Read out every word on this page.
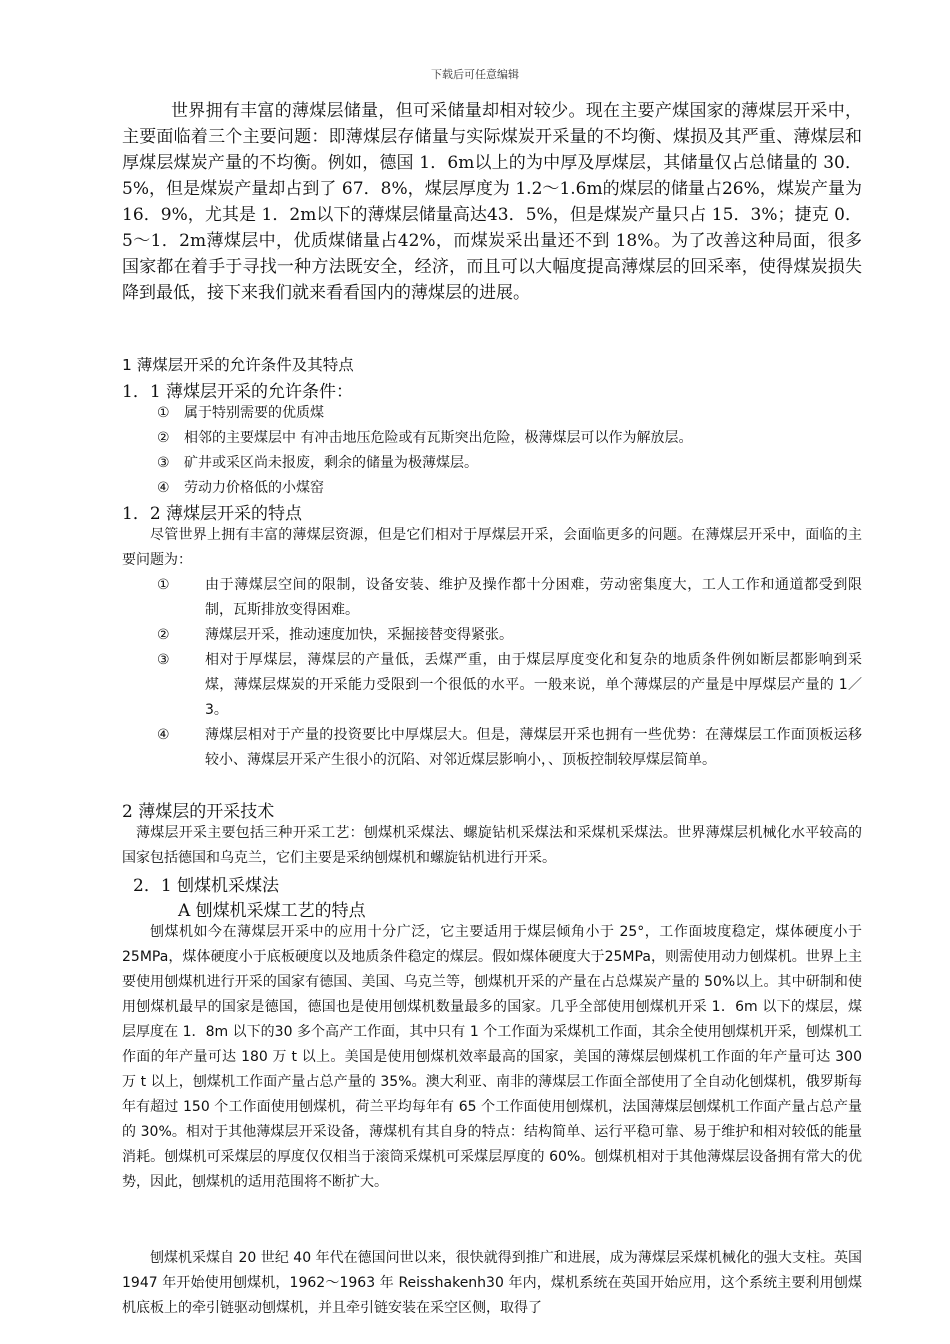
下载后可任意编辑
世界拥有丰富的薄煤层储量，但可采储量却相对较少。现在主要产煤国家的薄煤层开采中，主要面临着三个主要问题：即薄煤层存储量与实际煤炭开采量的不均衡、煤损及其严重、薄煤层和厚煤层煤炭产量的不均衡。例如，德国 1．6m以上的为中厚及厚煤层，其储量仅占总储量的 30．5%，但是煤炭产量却占到了 67．8%，煤层厚度为 1.2～1.6m的煤层的储量占26%，煤炭产量为 16．9%，尤其是 1．2m以下的薄煤层储量高达43．5%，但是煤炭产量只占 15．3%；捷克 0．5～1．2m薄煤层中，优质煤储量占42%，而煤炭采出量还不到 18%。为了改善这种局面，很多国家都在着手于寻找一种方法既安全，经济，而且可以大幅度提高薄煤层的回采率，使得煤炭损失降到最低，接下来我们就来看看国内的薄煤层的进展。
1 薄煤层开采的允许条件及其特点
1．1 薄煤层开采的允许条件：
① 属于特别需要的优质煤
② 相邻的主要煤层中 有冲击地压危险或有瓦斯突出危险，极薄煤层可以作为解放层。
③ 矿井或采区尚未报废，剩余的储量为极薄煤层。
④ 劳动力价格低的小煤窑
1．2 薄煤层开采的特点
尽管世界上拥有丰富的薄煤层资源，但是它们相对于厚煤层开采，会面临更多的问题。在薄煤层开采中，面临的主要问题为：
①	由于薄煤层空间的限制，设备安装、维护及操作都十分困难，劳动密集度大，工人工作和通道都受到限制，瓦斯排放变得困难。
②	薄煤层开采，推动速度加快，采掘接替变得紧张。
③	相对于厚煤层，薄煤层的产量低，丢煤严重，由于煤层厚度变化和复杂的地质条件例如断层都影响到采煤，薄煤层煤炭的开采能力受限到一个很低的水平。一般来说，单个薄煤层的产量是中厚煤层产量的 1／3。
④	薄煤层相对于产量的投资要比中厚煤层大。但是，薄煤层开采也拥有一些优势：在薄煤层工作面顶板运移较小、薄煤层开采产生很小的沉陷、对邻近煤层影响小，、顶板控制较厚煤层简单。
2 薄煤层的开采技术
薄煤层开采主要包括三种开采工艺：刨煤机采煤法、螺旋钻机采煤法和采煤机采煤法。世界薄煤层机械化水平较高的国家包括德国和乌克兰，它们主要是采纳刨煤机和螺旋钻机进行开采。
2．1 刨煤机采煤法
A 刨煤机采煤工艺的特点
刨煤机如今在薄煤层开采中的应用十分广泛，它主要适用于煤层倾角小于 25°，工作面坡度稳定，煤体硬度小于 25MPa，煤体硬度小于底板硬度以及地质条件稳定的煤层。假如煤体硬度大于25MPa，则需使用动力刨煤机。世界上主要使用刨煤机进行开采的国家有德国、美国、乌克兰等，刨煤机开采的产量在占总煤炭产量的 50%以上。其中研制和使用刨煤机最早的国家是德国，德国也是使用刨煤机数量最多的国家。几乎全部使用刨煤机开采 1．6m 以下的煤层，煤层厚度在 1．8m 以下的30 多个高产工作面，其中只有 1 个工作面为采煤机工作面，其余全使用刨煤机开采，刨煤机工作面的年产量可达 180 万 t 以上。美国是使用刨煤机效率最高的国家，美国的薄煤层刨煤机工作面的年产量可达 300 万 t 以上，刨煤机工作面产量占总产量的 35%。澳大利亚、南非的薄煤层工作面全部使用了全自动化刨煤机，俄罗斯每年有超过 150 个工作面使用刨煤机，荷兰平均每年有 65 个工作面使用刨煤机，法国薄煤层刨煤机工作面产量占总产量的 30%。相对于其他薄煤层开采设备，薄煤机有其自身的特点：结构简单、运行平稳可靠、易于维护和相对较低的能量消耗。刨煤机可采煤层的厚度仅仅相当于滚筒采煤机可采煤层厚度的 60%。刨煤机相对于其他薄煤层设备拥有常大的优势，因此，刨煤机的适用范围将不断扩大。
刨煤机采煤自 20 世纪 40 年代在德国问世以来，很快就得到推广和进展，成为薄煤层采煤机械化的强大支柱。英国 1947 年开始使用刨煤机，1962～1963 年 Reisshakenh30 年内，煤机系统在英国开始应用，这个系统主要利用刨煤机底板上的牵引链驱动刨煤机，并且牵引链安装在采空区侧，取得了
